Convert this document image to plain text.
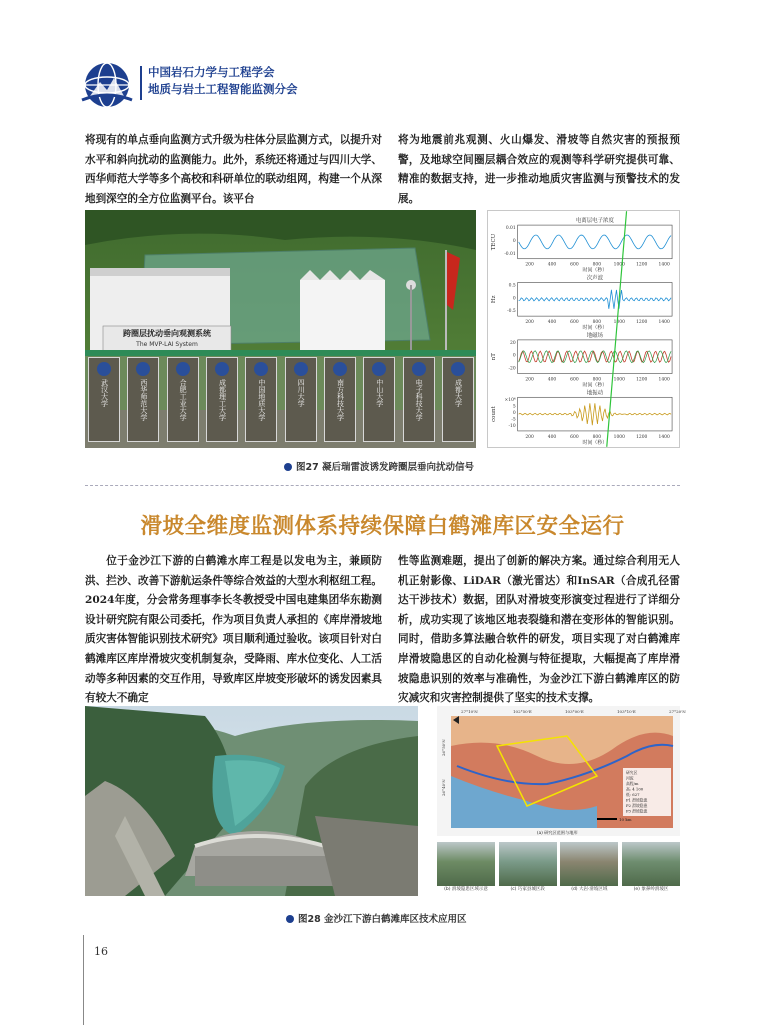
中国岩石力学与工程学会
地质与岩土工程智能监测分会
将现有的单点垂向监测方式升级为柱体分层监测方式，以提升对水平和斜向扰动的监测能力。此外，系统还将通过与四川大学、西华师范大学等多个高校和科研单位的联动组网，构建一个从深地到深空的全方位监测平台。该平台
将为地震前兆观测、火山爆发、滑坡等自然灾害的预报预警，及地球空间圈层耦合效应的观测等科学研究提供可靠、精准的数据支持，进一步推动地质灾害监测与预警技术的发展。
跨圈层扰动垂向观测系统
The MVP-LAI System
武汉大学	西华师范大学	合肥工业大学	成都理工大学	中国地质大学	四川大学	南方科技大学	中山大学	电子科技大学	成都大学
电离层电子浓度
TECU
0.01
0
-0.01
200	400	600	800	1000 1200 1400
时间（秒）
次声波
Hz
0.5
0
-0.5
200	400	600	800	1000 1200 1400
时间（秒）
地磁场
nT
20
0
-20
200	400	600	800	1000 1200 1400
时间（秒）
地振动
count
×10⁴
5
0
-5
-10
200	400	600	800	1000 1200 1400
时间（秒）
图27 凝后瑞雷波诱发跨圈层垂向扰动信号
滑坡全维度监测体系持续保障白鹤滩库区安全运行
位于金沙江下游的白鹤滩水库工程是以发电为主，兼顾防洪、拦沙、改善下游航运条件等综合效益的大型水利枢纽工程。2024年度，分会常务理事李长冬教授受中国电建集团华东勘测设计研究院有限公司委托，作为项目负责人承担的《库岸滑坡地质灾害体智能识别技术研究》项目顺利通过验收。该项目针对白鹤滩库区库岸滑坡灾变机制复杂，受降雨、库水位变化、人工活动等多种因素的交互作用，导致库区岸坡变形破坏的诱发因素具有较大不确定
性等监测难题，提出了创新的解决方案。通过综合利用无人机正射影像、LiDAR（激光雷达）和InSAR（合成孔径雷达干涉技术）数据，团队对滑坡变形演变过程进行了详细分析，成功实现了该地区地表裂缝和潜在变形体的智能识别。同时，借助多算法融合软件的研发，项目实现了对白鹤滩库岸滑坡隐患区的自动化检测与特征提取，大幅提高了库岸滑坡隐患识别的效率与准确性，为金沙江下游白鹤滩库区的防灾减灾和灾害控制提供了坚实的技术支撑。
27°10'N	102°50'E	103°00'E	103°10'E	27°20'N
26°50'N
26°40'N
研究区
河流
高程/m
高: 4 100
低: 627
P1 滑坡隐患
P2 滑坡隐患
P3 滑坡隐患
10 km
(a) 研究区范围与地形
(b) 滑坡隐患区域示意	(c) 巧家县城区段	(d) 大岩·滑坡区域	(e) 象鼻岭滑坡区
图28 金沙江下游白鹤滩库区技术应用区
16
